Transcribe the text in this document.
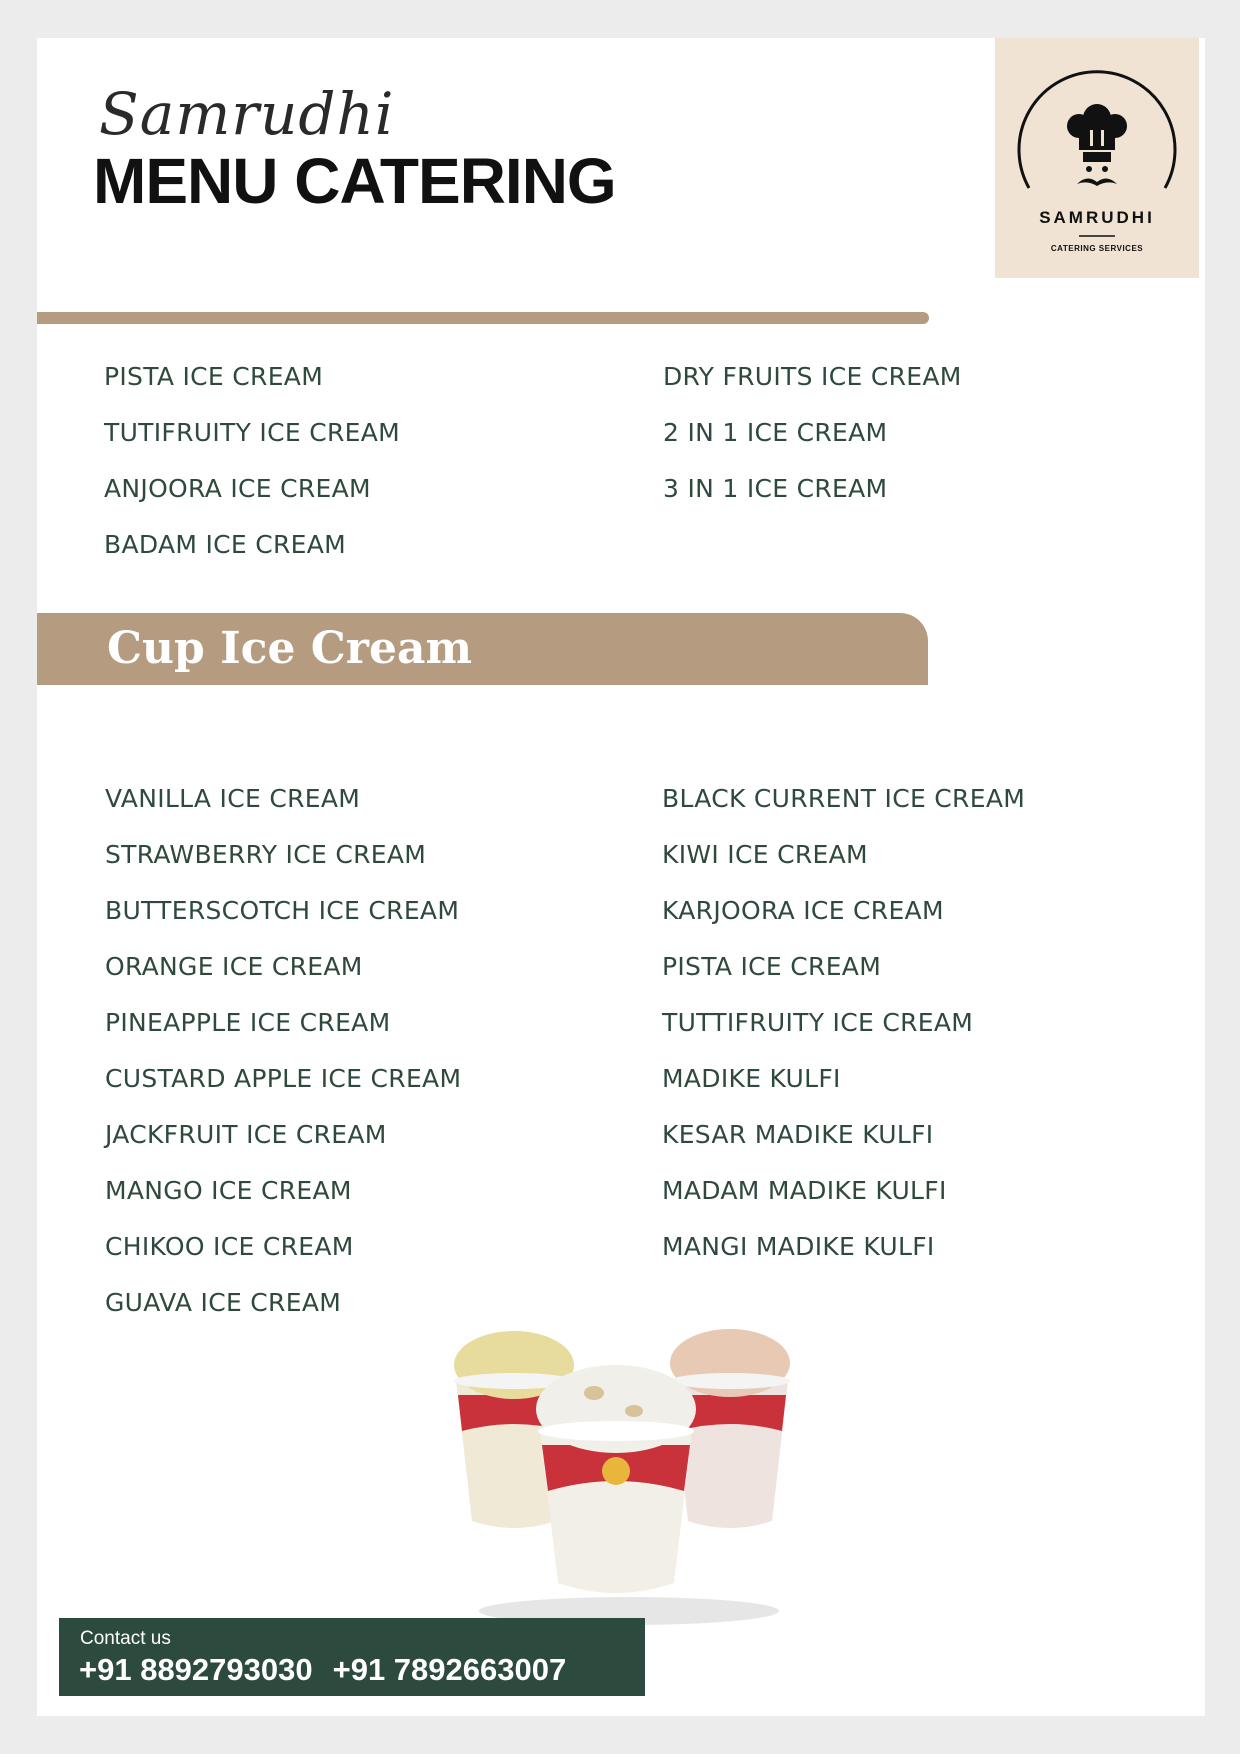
Samrudhi
MENU CATERING
SAMRUDHI
CATERING SERVICES
PISTA ICE CREAM
TUTIFRUITY ICE CREAM
ANJOORA ICE CREAM
BADAM ICE CREAM
DRY FRUITS ICE CREAM
2 IN 1 ICE CREAM
3 IN 1 ICE CREAM
Cup Ice Cream
VANILLA ICE CREAM
STRAWBERRY ICE CREAM
BUTTERSCOTCH ICE CREAM
ORANGE ICE CREAM
PINEAPPLE ICE CREAM
CUSTARD APPLE ICE CREAM
JACKFRUIT ICE CREAM
MANGO ICE CREAM
CHIKOO ICE CREAM
GUAVA ICE CREAM
BLACK CURRENT ICE CREAM
KIWI ICE CREAM
KARJOORA ICE CREAM
PISTA ICE CREAM
TUTTIFRUITY ICE CREAM
MADIKE KULFI
KESAR MADIKE KULFI
MADAM MADIKE KULFI
MANGI MADIKE KULFI
Contact us
+91 8892793030 +91 7892663007
